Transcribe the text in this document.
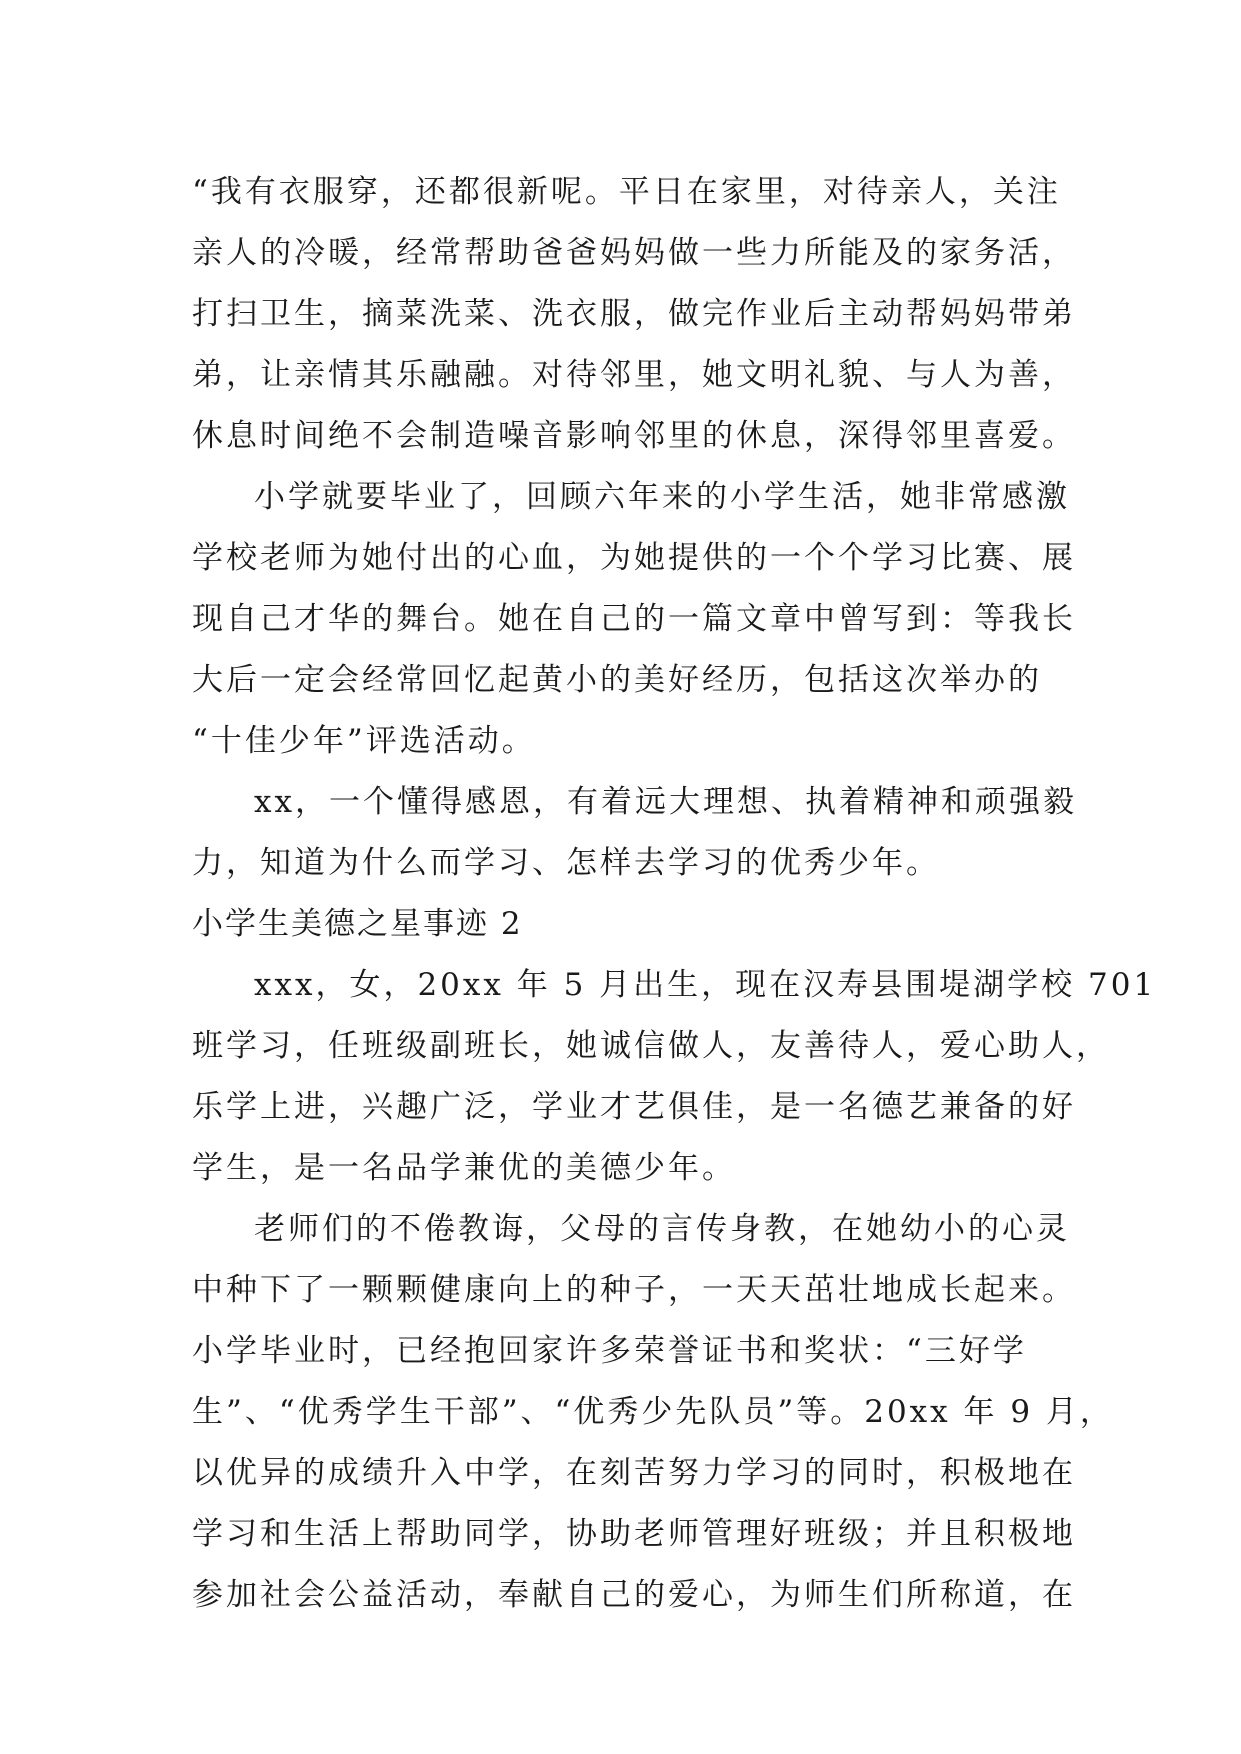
“我有衣服穿，还都很新呢。平日在家里，对待亲人，关注
亲人的冷暖，经常帮助爸爸妈妈做一些力所能及的家务活，
打扫卫生，摘菜洗菜、洗衣服，做完作业后主动帮妈妈带弟
弟，让亲情其乐融融。对待邻里，她文明礼貌、与人为善，
休息时间绝不会制造噪音影响邻里的休息，深得邻里喜爱。
小学就要毕业了，回顾六年来的小学生活，她非常感激
学校老师为她付出的心血，为她提供的一个个学习比赛、展
现自己才华的舞台。她在自己的一篇文章中曾写到：等我长
大后一定会经常回忆起黄小的美好经历，包括这次举办的
“十佳少年”评选活动。
xx，一个懂得感恩，有着远大理想、执着精神和顽强毅
力，知道为什么而学习、怎样去学习的优秀少年。
小学生美德之星事迹 2
xxx，女，20xx 年 5 月出生，现在汉寿县围堤湖学校 701
班学习，任班级副班长，她诚信做人，友善待人，爱心助人，
乐学上进，兴趣广泛，学业才艺俱佳，是一名德艺兼备的好
学生，是一名品学兼优的美德少年。
老师们的不倦教诲，父母的言传身教，在她幼小的心灵
中种下了一颗颗健康向上的种子，一天天茁壮地成长起来。
小学毕业时，已经抱回家许多荣誉证书和奖状：“三好学
生”、“优秀学生干部”、“优秀少先队员”等。20xx 年 9 月，
以优异的成绩升入中学，在刻苦努力学习的同时，积极地在
学习和生活上帮助同学，协助老师管理好班级；并且积极地
参加社会公益活动，奉献自己的爱心，为师生们所称道，在
